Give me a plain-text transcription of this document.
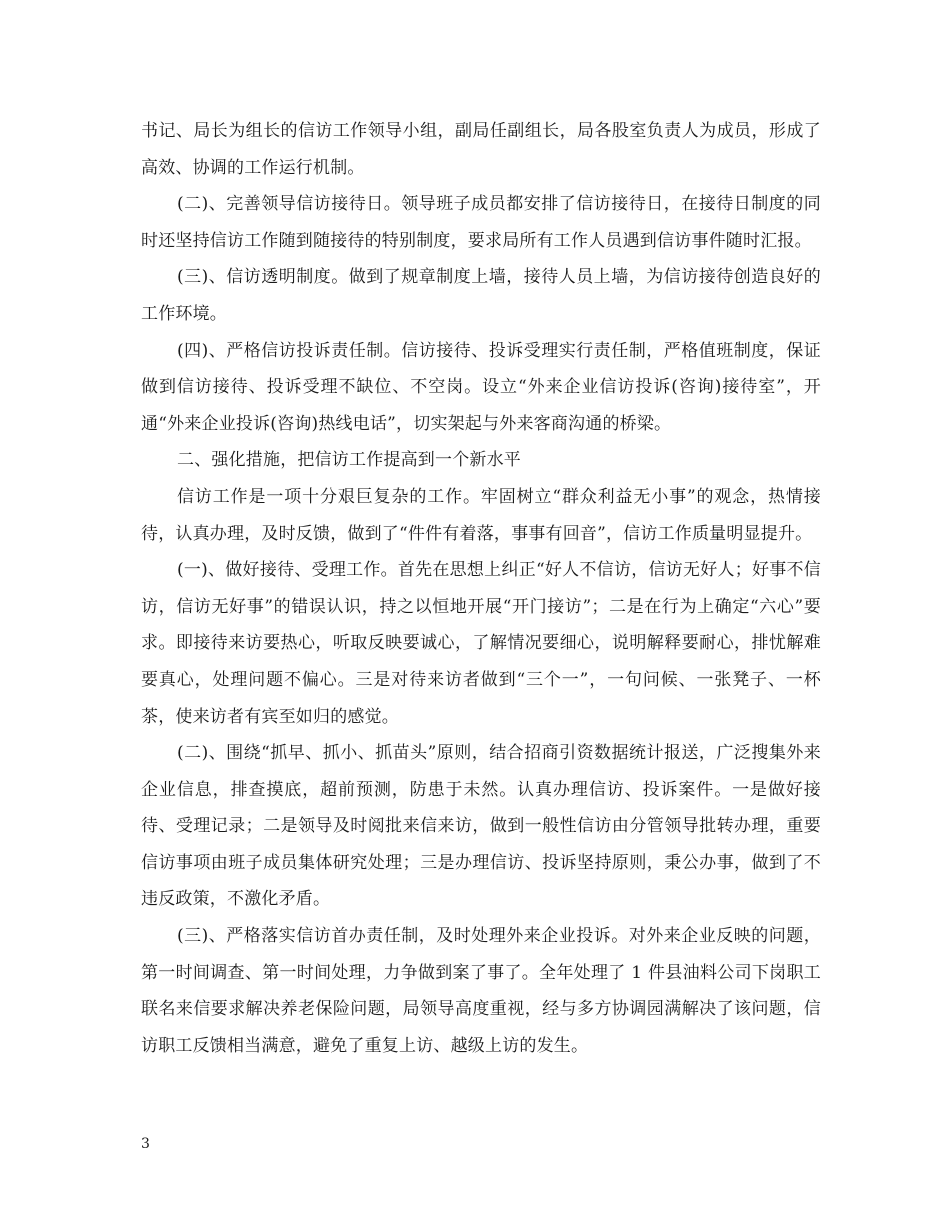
书记、局长为组长的信访工作领导小组，副局任副组长，局各股室负责人为成员，形成了高效、协调的工作运行机制。

(二)、完善领导信访接待日。领导班子成员都安排了信访接待日，在接待日制度的同时还坚持信访工作随到随接待的特别制度，要求局所有工作人员遇到信访事件随时汇报。

(三)、信访透明制度。做到了规章制度上墙，接待人员上墙，为信访接待创造良好的工作环境。

(四)、严格信访投诉责任制。信访接待、投诉受理实行责任制，严格值班制度，保证做到信访接待、投诉受理不缺位、不空岗。设立“外来企业信访投诉(咨询)接待室”，开通“外来企业投诉(咨询)热线电话”，切实架起与外来客商沟通的桥梁。

二、强化措施，把信访工作提高到一个新水平

信访工作是一项十分艰巨复杂的工作。牢固树立“群众利益无小事”的观念，热情接待，认真办理，及时反馈，做到了“件件有着落，事事有回音”，信访工作质量明显提升。

(一)、做好接待、受理工作。首先在思想上纠正“好人不信访，信访无好人；好事不信访，信访无好事”的错误认识，持之以恒地开展“开门接访”；二是在行为上确定“六心”要求。即接待来访要热心，听取反映要诚心，了解情况要细心，说明解释要耐心，排忧解难要真心，处理问题不偏心。三是对待来访者做到“三个一”，一句问候、一张凳子、一杯茶，使来访者有宾至如归的感觉。

(二)、围绕“抓早、抓小、抓苗头”原则，结合招商引资数据统计报送，广泛搜集外来企业信息，排查摸底，超前预测，防患于未然。认真办理信访、投诉案件。一是做好接待、受理记录；二是领导及时阅批来信来访，做到一般性信访由分管领导批转办理，重要信访事项由班子成员集体研究处理；三是办理信访、投诉坚持原则，秉公办事，做到了不违反政策，不激化矛盾。

(三)、严格落实信访首办责任制，及时处理外来企业投诉。对外来企业反映的问题，第一时间调查、第一时间处理，力争做到案了事了。全年处理了 1 件县油料公司下岗职工联名来信要求解决养老保险问题，局领导高度重视，经与多方协调园满解决了该问题，信访职工反馈相当满意，避免了重复上访、越级上访的发生。

3
